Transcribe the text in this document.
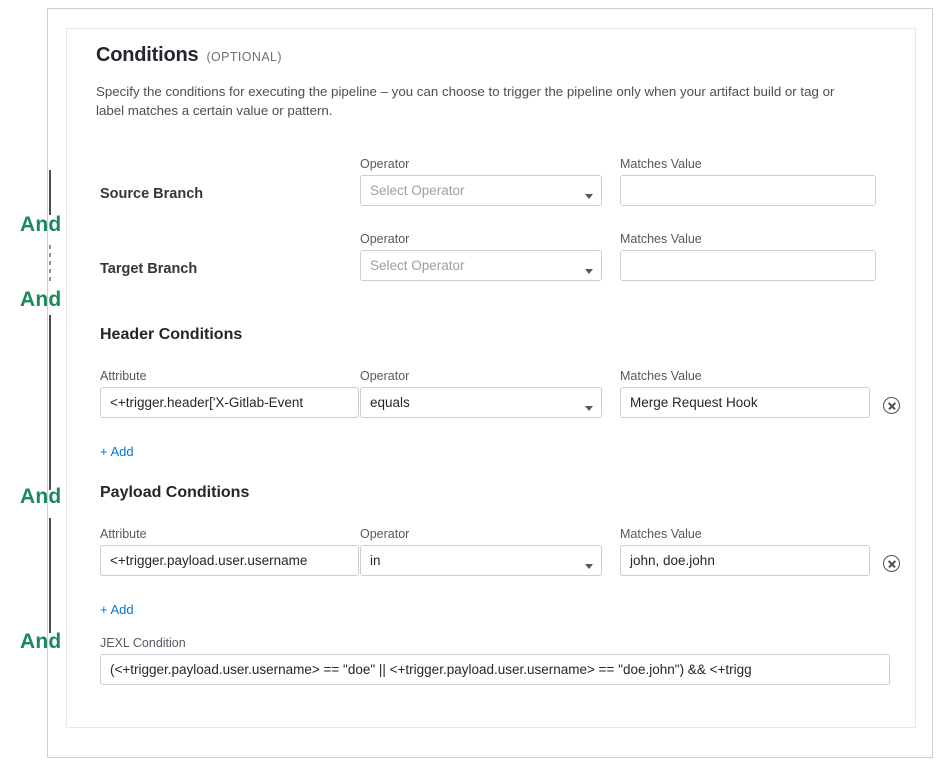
And
And
And
And
Conditions (OPTIONAL)
Specify the conditions for executing the pipeline – you can choose to trigger the pipeline only when your artifact build or tag or label matches a certain value or pattern.
Source Branch
Operator
Select Operator
Matches Value
Target Branch
Operator
Select Operator
Matches Value
Header Conditions
Attribute
<+trigger.header['X-Gitlab-Event
Operator
equals
Matches Value
Merge Request Hook
+ Add
Payload Conditions
Attribute
<+trigger.payload.user.username
Operator
in
Matches Value
john, doe.john
+ Add
JEXL Condition
(<+trigger.payload.user.username> == "doe" || <+trigger.payload.user.username> == "doe.john") && <+trigg
